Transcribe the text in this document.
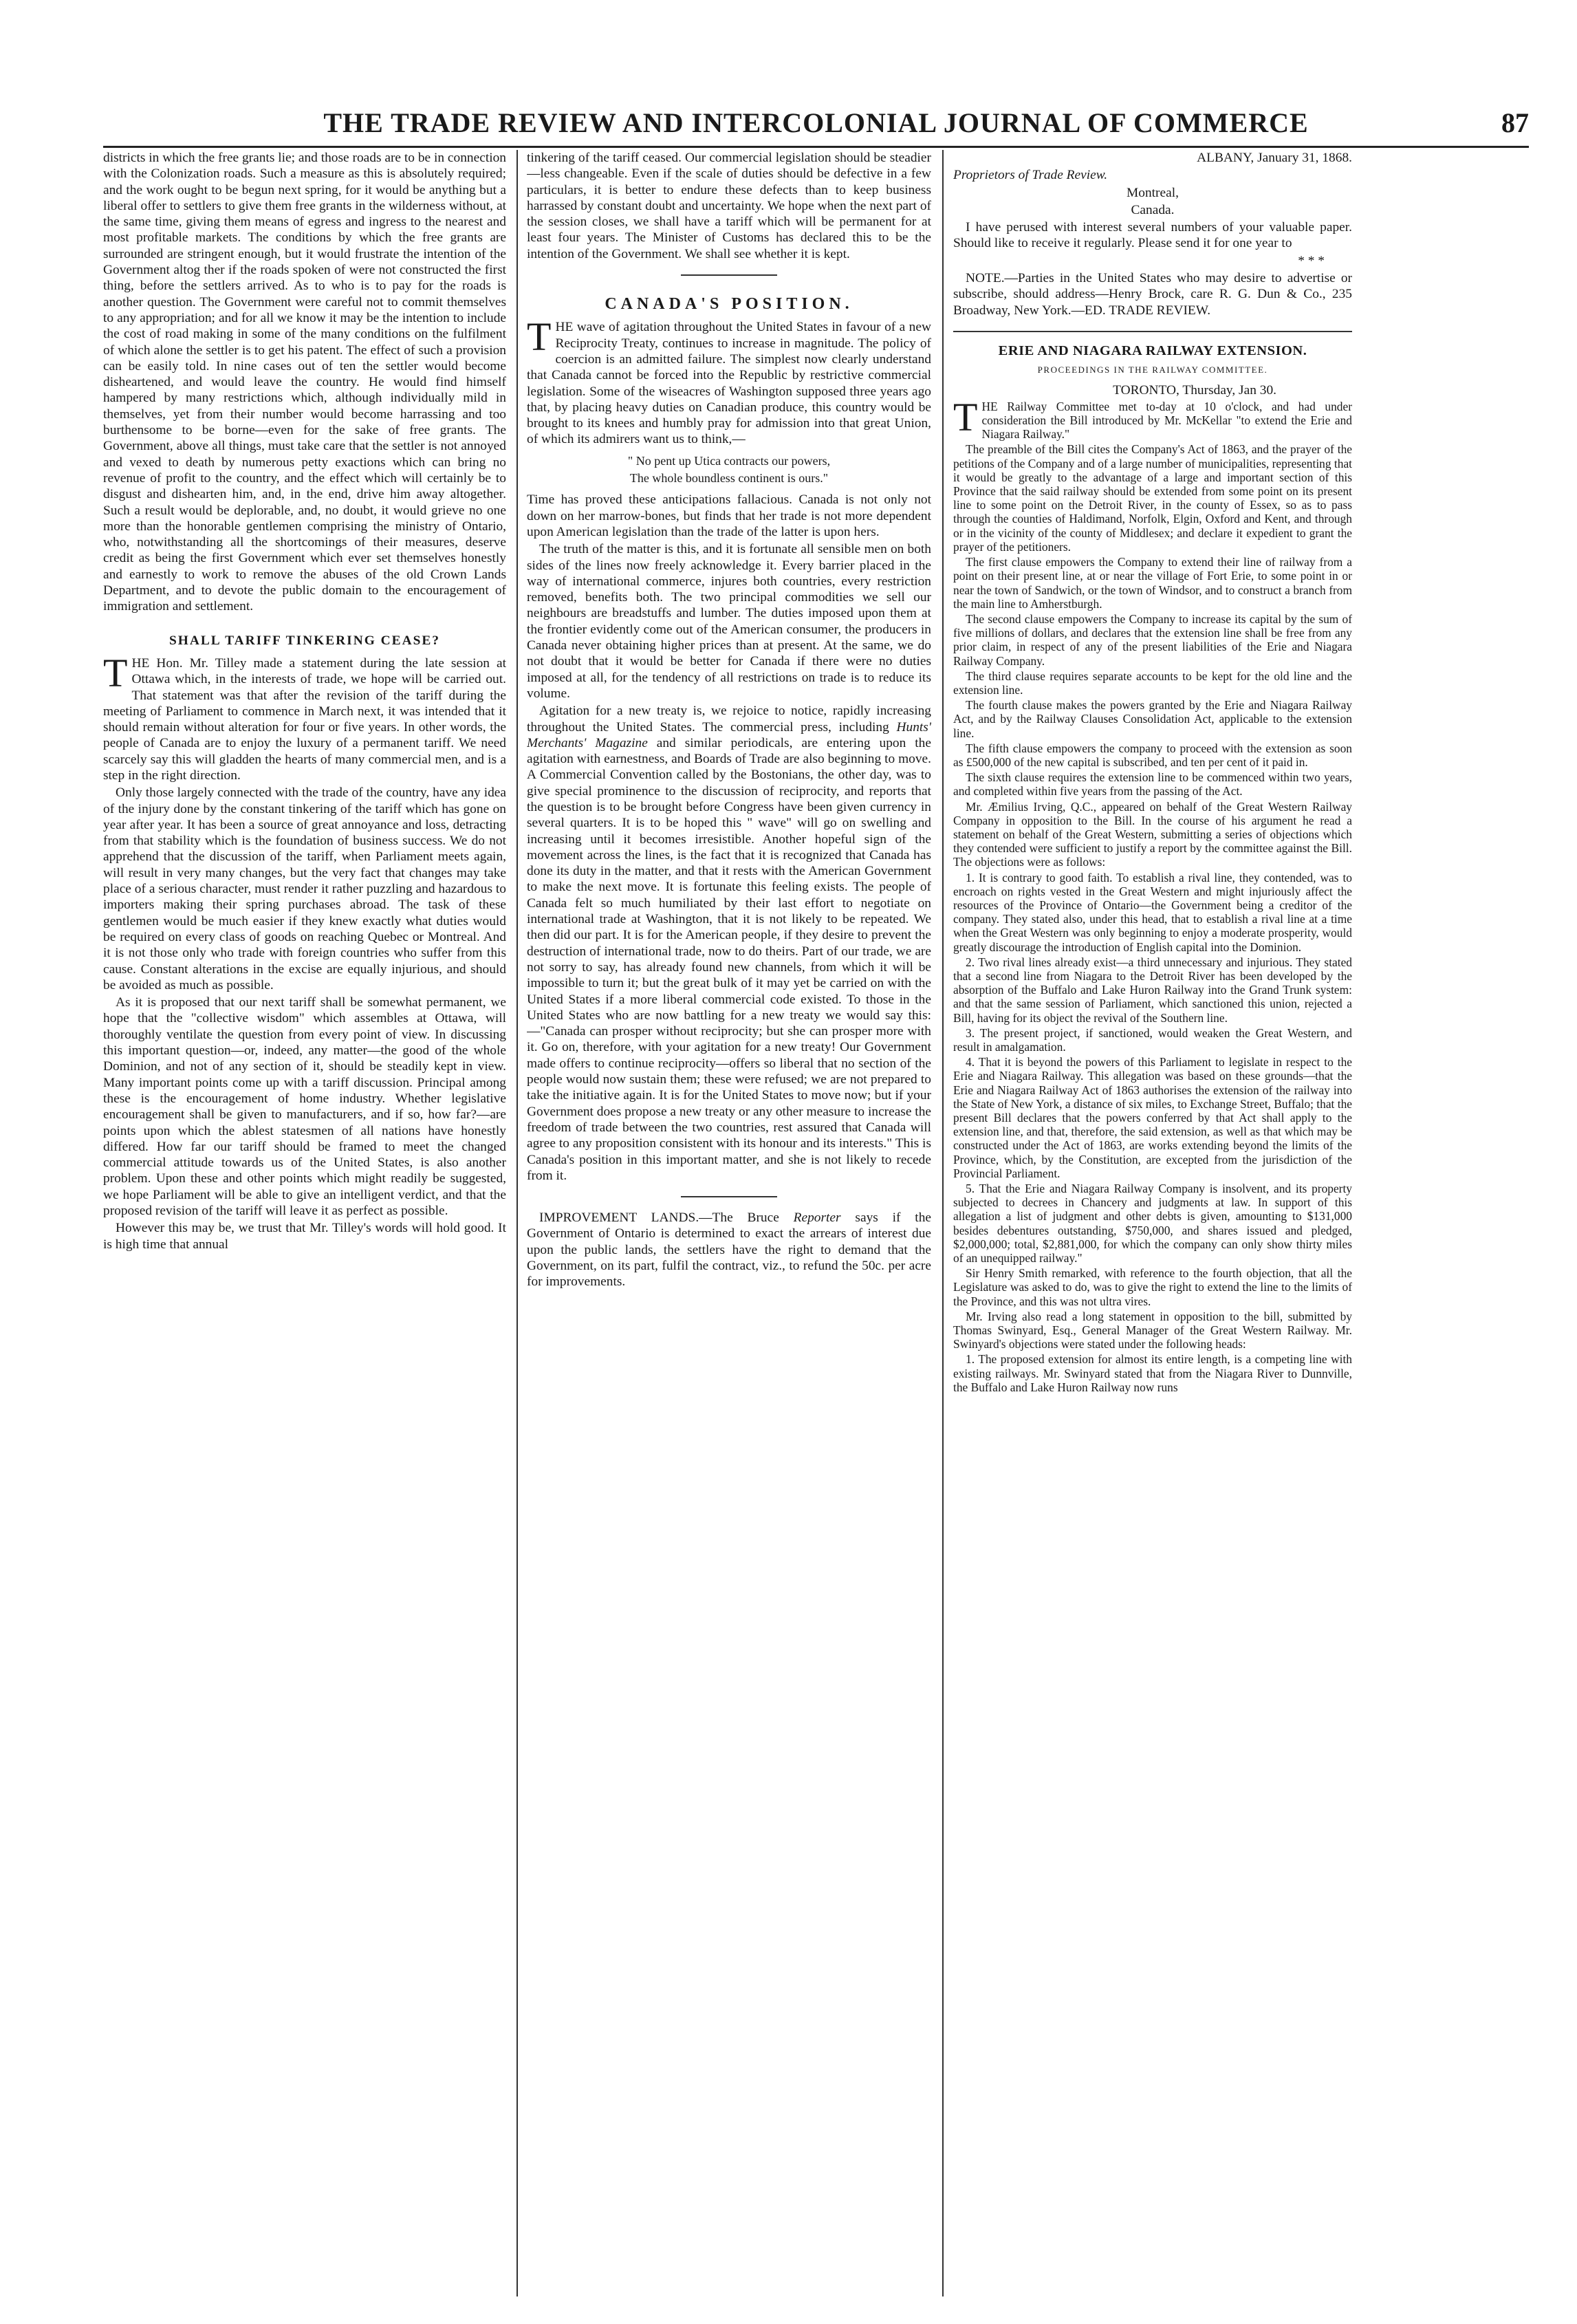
THE TRADE REVIEW AND INTERCOLONIAL JOURNAL OF COMMERCE	87

districts in which the free grants lie; and those roads are to be in connection with the Colonization roads. Such a measure as this is absolutely required; and the work ought to be begun next spring, for it would be anything but a liberal offer to settlers to give them free grants in the wilderness without, at the same time, giving them means of egress and ingress to the nearest and most profitable markets. The conditions by which the free grants are surrounded are stringent enough, but it would frustrate the intention of the Government altog ther if the roads spoken of were not constructed the first thing, before the settlers arrived. As to who is to pay for the roads is another question. The Government were careful not to commit themselves to any appropriation; and for all we know it may be the intention to include the cost of road making in some of the many conditions on the fulfilment of which alone the settler is to get his patent. The effect of such a provision can be easily told. In nine cases out of ten the settler would become disheartened, and would leave the country. He would find himself hampered by many restrictions which, although individually mild in themselves, yet from their number would become harrassing and too burthensome to be borne—even for the sake of free grants. The Government, above all things, must take care that the settler is not annoyed and vexed to death by numerous petty exactions which can bring no revenue of profit to the country, and the effect which will certainly be to disgust and dishearten him, and, in the end, drive him away altogether. Such a result would be deplorable, and, no doubt, it would grieve no one more than the honorable gentlemen comprising the ministry of Ontario, who, notwithstanding all the shortcomings of their measures, deserve credit as being the first Government which ever set themselves honestly and earnestly to work to remove the abuses of the old Crown Lands Department, and to devote the public domain to the encouragement of immigration and settlement.

SHALL TARIFF TINKERING CEASE?

THE Hon. Mr. Tilley made a statement during the late session at Ottawa which, in the interests of trade, we hope will be carried out. That statement was that after the revision of the tariff during the meeting of Parliament to commence in March next, it was intended that it should remain without alteration for four or five years. In other words, the people of Canada are to enjoy the luxury of a permanent tariff. We need scarcely say this will gladden the hearts of many commercial men, and is a step in the right direction.

Only those largely connected with the trade of the country, have any idea of the injury done by the constant tinkering of the tariff which has gone on year after year. It has been a source of great annoyance and loss, detracting from that stability which is the foundation of business success. We do not apprehend that the discussion of the tariff, when Parliament meets again, will result in very many changes, but the very fact that changes may take place of a serious character, must render it rather puzzling and hazardous to importers making their spring purchases abroad. The task of these gentlemen would be much easier if they knew exactly what duties would be required on every class of goods on reaching Quebec or Montreal. And it is not those only who trade with foreign countries who suffer from this cause. Constant alterations in the excise are equally injurious, and should be avoided as much as possible.

As it is proposed that our next tariff shall be somewhat permanent, we hope that the "collective wisdom" which assembles at Ottawa, will thoroughly ventilate the question from every point of view. In discussing this important question—or, indeed, any matter—the good of the whole Dominion, and not of any section of it, should be steadily kept in view. Many important points come up with a tariff discussion. Principal among these is the encouragement of home industry. Whether legislative encouragement shall be given to manufacturers, and if so, how far?—are points upon which the ablest statesmen of all nations have honestly differed. How far our tariff should be framed to meet the changed commercial attitude towards us of the United States, is also another problem. Upon these and other points which might readily be suggested, we hope Parliament will be able to give an intelligent verdict, and that the proposed revision of the tariff will leave it as perfect as possible.

However this may be, we trust that Mr. Tilley's words will hold good. It is high time that annual

tinkering of the tariff ceased. Our commercial legislation should be steadier—less changeable. Even if the scale of duties should be defective in a few particulars, it is better to endure these defects than to keep business harrassed by constant doubt and uncertainty. We hope when the next part of the session closes, we shall have a tariff which will be permanent for at least four years. The Minister of Customs has declared this to be the intention of the Government. We shall see whether it is kept.

CANADA'S POSITION.

THE wave of agitation throughout the United States in favour of a new Reciprocity Treaty, continues to increase in magnitude. The policy of coercion is an admitted failure. The simplest now clearly understand that Canada cannot be forced into the Republic by restrictive commercial legislation. Some of the wiseacres of Washington supposed three years ago that, by placing heavy duties on Canadian produce, this country would be brought to its knees and humbly pray for admission into that great Union, of which its admirers want us to think,—

" No pent up Utica contracts our powers,

The whole boundless continent is ours."

Time has proved these anticipations fallacious. Canada is not only not down on her marrow-bones, but finds that her trade is not more dependent upon American legislation than the trade of the latter is upon hers.

The truth of the matter is this, and it is fortunate all sensible men on both sides of the lines now freely acknowledge it. Every barrier placed in the way of international commerce, injures both countries, every restriction removed, benefits both. The two principal commodities we sell our neighbours are breadstuffs and lumber. The duties imposed upon them at the frontier evidently come out of the American consumer, the producers in Canada never obtaining higher prices than at present. At the same, we do not doubt that it would be better for Canada if there were no duties imposed at all, for the tendency of all restrictions on trade is to reduce its volume.

Agitation for a new treaty is, we rejoice to notice, rapidly increasing throughout the United States. The commercial press, including Hunts' Merchants' Magazine and similar periodicals, are entering upon the agitation with earnestness, and Boards of Trade are also beginning to move. A Commercial Convention called by the Bostonians, the other day, was to give special prominence to the discussion of reciprocity, and reports that the question is to be brought before Congress have been given currency in several quarters. It is to be hoped this " wave" will go on swelling and increasing until it becomes irresistible. Another hopeful sign of the movement across the lines, is the fact that it is recognized that Canada has done its duty in the matter, and that it rests with the American Government to make the next move. It is fortunate this feeling exists. The people of Canada felt so much humiliated by their last effort to negotiate on international trade at Washington, that it is not likely to be repeated. We then did our part. It is for the American people, if they desire to prevent the destruction of international trade, now to do theirs. Part of our trade, we are not sorry to say, has already found new channels, from which it will be impossible to turn it; but the great bulk of it may yet be carried on with the United States if a more liberal commercial code existed. To those in the United States who are now battling for a new treaty we would say this:—"Canada can prosper without reciprocity; but she can prosper more with it. Go on, therefore, with your agitation for a new treaty! Our Government made offers to continue reciprocity—offers so liberal that no section of the people would now sustain them; these were refused; we are not prepared to take the initiative again. It is for the United States to move now; but if your Government does propose a new treaty or any other measure to increase the freedom of trade between the two countries, rest assured that Canada will agree to any proposition consistent with its honour and its interests." This is Canada's position in this important matter, and she is not likely to recede from it.

IMPROVEMENT LANDS.—The Bruce Reporter says if the Government of Ontario is determined to exact the arrears of interest due upon the public lands, the settlers have the right to demand that the Government, on its part, fulfil the contract, viz., to refund the 50c. per acre for improvements.

ALBANY, January 31, 1868.

Proprietors of Trade Review.

Montreal,

Canada.

I have perused with interest several numbers of your valuable paper. Should like to receive it regularly. Please send it for one year to

* * *

NOTE.—Parties in the United States who may desire to advertise or subscribe, should address—Henry Brock, care R. G. Dun & Co., 235 Broadway, New York.—ED. TRADE REVIEW.

ERIE AND NIAGARA RAILWAY EXTENSION.

PROCEEDINGS IN THE RAILWAY COMMITTEE.

TORONTO, Thursday, Jan 30.

THE Railway Committee met to-day at 10 o'clock, and had under consideration the Bill introduced by Mr. McKellar "to extend the Erie and Niagara Railway."

The preamble of the Bill cites the Company's Act of 1863, and the prayer of the petitions of the Company and of a large number of municipalities, representing that it would be greatly to the advantage of a large and important section of this Province that the said railway should be extended from some point on its present line to some point on the Detroit River, in the county of Essex, so as to pass through the counties of Haldimand, Norfolk, Elgin, Oxford and Kent, and through or in the vicinity of the county of Middlesex; and declare it expedient to grant the prayer of the petitioners.

The first clause empowers the Company to extend their line of railway from a point on their present line, at or near the village of Fort Erie, to some point in or near the town of Sandwich, or the town of Windsor, and to construct a branch from the main line to Amherstburgh.

The second clause empowers the Company to increase its capital by the sum of five millions of dollars, and declares that the extension line shall be free from any prior claim, in respect of any of the present liabilities of the Erie and Niagara Railway Company.

The third clause requires separate accounts to be kept for the old line and the extension line.

The fourth clause makes the powers granted by the Erie and Niagara Railway Act, and by the Railway Clauses Consolidation Act, applicable to the extension line.

The fifth clause empowers the company to proceed with the extension as soon as £500,000 of the new capital is subscribed, and ten per cent of it paid in.

The sixth clause requires the extension line to be commenced within two years, and completed within five years from the passing of the Act.

Mr. Æmilius Irving, Q.C., appeared on behalf of the Great Western Railway Company in opposition to the Bill. In the course of his argument he read a statement on behalf of the Great Western, submitting a series of objections which they contended were sufficient to justify a report by the committee against the Bill. The objections were as follows:

1. It is contrary to good faith. To establish a rival line, they contended, was to encroach on rights vested in the Great Western and might injuriously affect the resources of the Province of Ontario—the Government being a creditor of the company. They stated also, under this head, that to establish a rival line at a time when the Great Western was only beginning to enjoy a moderate prosperity, would greatly discourage the introduction of English capital into the Dominion.

2. Two rival lines already exist—a third unnecessary and injurious. They stated that a second line from Niagara to the Detroit River has been developed by the absorption of the Buffalo and Lake Huron Railway into the Grand Trunk system: and that the same session of Parliament, which sanctioned this union, rejected a Bill, having for its object the revival of the Southern line.

3. The present project, if sanctioned, would weaken the Great Western, and result in amalgamation.

4. That it is beyond the powers of this Parliament to legislate in respect to the Erie and Niagara Railway. This allegation was based on these grounds—that the Erie and Niagara Railway Act of 1863 authorises the extension of the railway into the State of New York, a distance of six miles, to Exchange Street, Buffalo; that the present Bill declares that the powers conferred by that Act shall apply to the extension line, and that, therefore, the said extension, as well as that which may be constructed under the Act of 1863, are works extending beyond the limits of the Province, which, by the Constitution, are excepted from the jurisdiction of the Provincial Parliament.

5. That the Erie and Niagara Railway Company is insolvent, and its property subjected to decrees in Chancery and judgments at law. In support of this allegation a list of judgment and other debts is given, amounting to $131,000 besides debentures outstanding, $750,000, and shares issued and pledged, $2,000,000; total, $2,881,000, for which the company can only show thirty miles of an unequipped railway."

Sir Henry Smith remarked, with reference to the fourth objection, that all the Legislature was asked to do, was to give the right to extend the line to the limits of the Province, and this was not ultra vires.

Mr. Irving also read a long statement in opposition to the bill, submitted by Thomas Swinyard, Esq., General Manager of the Great Western Railway. Mr. Swinyard's objections were stated under the following heads:

1. The proposed extension for almost its entire length, is a competing line with existing railways. Mr. Swinyard stated that from the Niagara River to Dunnville, the Buffalo and Lake Huron Railway now runs
